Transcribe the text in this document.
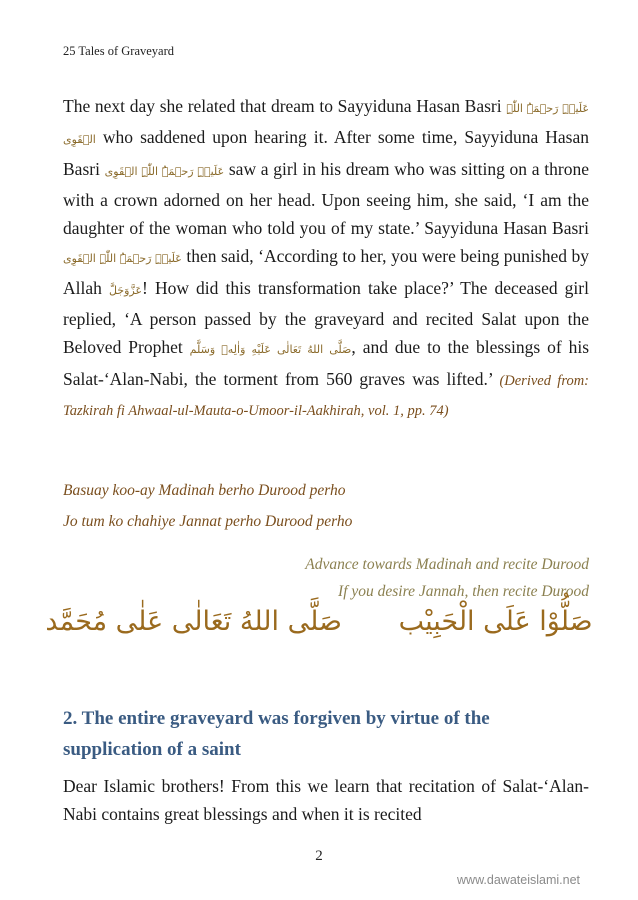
25 Tales of Graveyard

The next day she related that dream to Sayyiduna Hasan Basri عَلَیۡہِ رَحۡمَۃُ اللّٰہِ الۡقَوِی who saddened upon hearing it. After some time, Sayyiduna Hasan Basri عَلَیۡہِ رَحۡمَۃُ اللّٰہِ الۡقَوِی saw a girl in his dream who was sitting on a throne with a crown adorned on her head. Upon seeing him, she said, ‘I am the daughter of the woman who told you of my state.’ Sayyiduna Hasan Basri عَلَیۡہِ رَحۡمَۃُ اللّٰہِ الۡقَوِی then said, ‘According to her, you were being punished by Allah عَزَّوَجَلَّ! How did this transformation take place?’ The deceased girl replied, ‘A person passed by the graveyard and recited Salat upon the Beloved Prophet صَلَّى اللهُ تَعَالٰى عَلَيْهِ وَاٰلِهٖ وَسَلَّم, and due to the blessings of his Salat-‘Alan-Nabi, the torment from 560 graves was lifted.’ (Derived from: Tazkirah fi Ahwaal-ul-Mauta-o-Umoor-il-Aakhirah, vol. 1, pp. 74)

Basuay koo-ay Madinah berho Durood perho
Jo tum ko chahiye Jannat perho Durood perho
Advance towards Madinah and recite Durood
If you desire Jannah, then recite Durood
صَلُّوْا عَلَى الْحَبِيْب صَلَّى اللهُ تَعَالٰى عَلٰى مُحَمَّد
2. The entire graveyard was forgiven by virtue of the supplication of a saint
Dear Islamic brothers! From this we learn that recitation of Salat-‘Alan-Nabi contains great blessings and when it is recited
2
www.dawateislami.net
